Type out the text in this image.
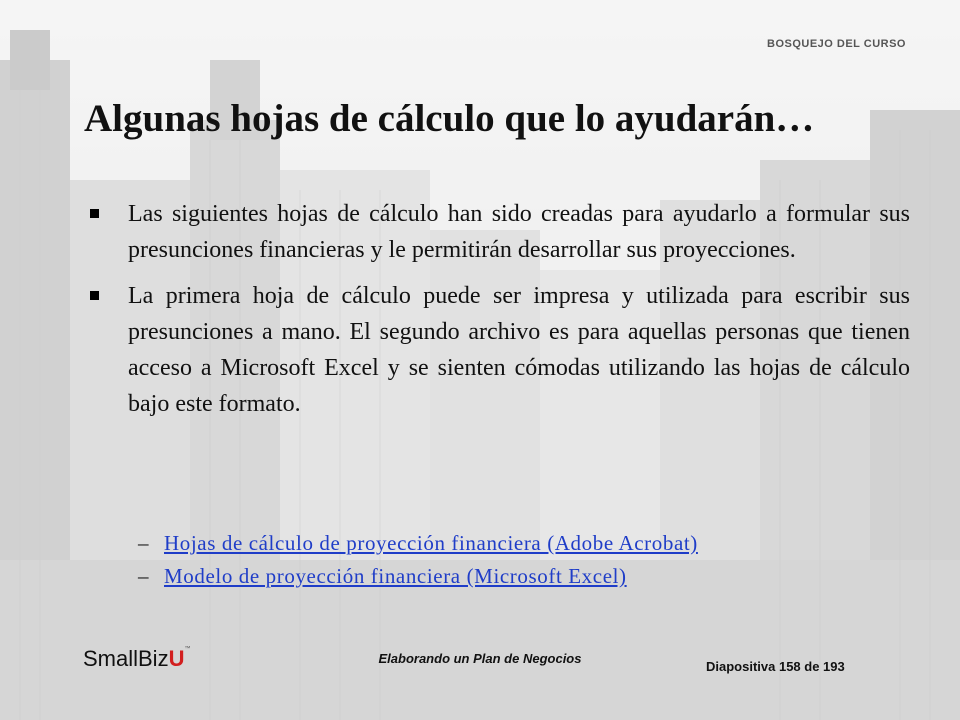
BOSQUEJO DEL CURSO
Algunas hojas de cálculo que lo ayudarán…
Las siguientes hojas de cálculo han sido creadas para ayudarlo a formular sus presunciones financieras y le permitirán desarrollar sus proyecciones.
La primera hoja de cálculo puede ser impresa y utilizada para escribir sus presunciones a mano. El segundo archivo es para aquellas personas que tienen acceso a Microsoft Excel y se sienten cómodas utilizando las hojas de cálculo bajo este formato.
– Hojas de cálculo de proyección financiera (Adobe Acrobat)
– Modelo de proyección financiera (Microsoft Excel)
SmallBizU™
Elaborando un Plan de Negocios
Diapositiva 158 de 193
